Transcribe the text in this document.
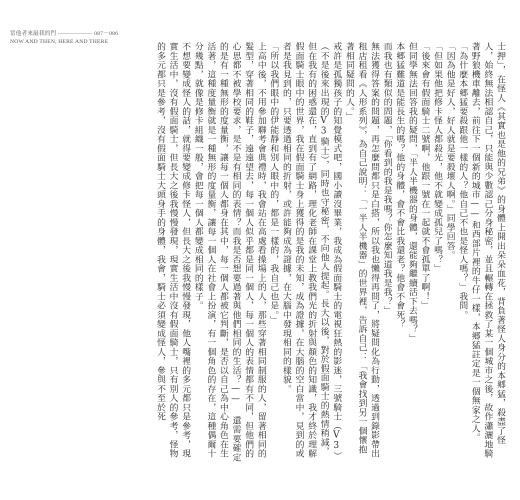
當他者來敲我的門 ―――――― 087－086
NOW AND THEN, HERE AND THERE	士押」，在怪人《其實也是他的兄弟》的身體上開出朵朵血花，背負著怪人身分的本郷猛，殺盡了怪人，始終無法相認自己，只能與少數認己分身秘密，並且輾轉在拯救了某一個城市之後，故作瀟灑地騎著野狼機車離去，前往下一個新的城市——和西部片裡的牛仔一樣，本郷猛註定是一個無家之人。

「為什麼本郷猛要殺跟他一樣的人？他自己不也是怪人嗎？」我問。

「因為他是好人，好人就是要殺壞人啊。」同學回答。

「但如果他把修卡怪人都殺光，他不就變成孤兒了嗎？」

「後來會有假面騎士二號啊，他跟一號在一起就不會孤單了啊！」

但同學無法回答我的疑問，「半人半機器的身體，還能夠繼續活下去嗎？」

本郷猛難道是能長生的嗎？他的身體，會不會比我還老？他會不會死？

而我也有類似的問題，「你看到的我是我嗎？你怎麼知道我是我？」

無法獲得答案的問題，再怎麼問都只是白搭，所以我也懶得再問了，將疑問化為行動，透過到錄影帶出租店租看《人形系列》，為自己說明：「一半人半機器」的世界裡，告訴自己：「我會找到另一個懷抱著相同疑問的人。」

戒許是孤獨孩子的知覺模式吧，國小讀沒畢業，我成為假面騎士的電視狂熱的影迷，三號騎士（V3）（不是後來出現的V3騎士），同時也守秘密，不向他人提起。長大以後，對於假面騎士的熱情稍減，但在我有的困惑還在，直到有了網路，理化老師在課堂上教我們光的折射與顏色的知識，我才終於理解假面騎士眼中的世界，我在假面騎士身上獲得的是我的未知，成為證據，在大腦的空白當中，見到的或者是我見到的，只要透過相同的折射，或許能夠成為證據，在大腦中發現相同的樣貌。

「所以我們眼中的伊能靜和別人眼中的，都是一樣的，我自己也是。」

上高中後，不用參加聯考會典禮時，我會站在高處看操場上的人，那些穿著相同制服的人，留著相同的髮型，穿著相同的鞋子，遠遠望去，每一個人似乎都是同一個人，每一個人的表情都有不同，但他們的心思都不被學校要求，是不是有相同的表情？而我是否想要過著與他們相同的生活？—— 還需要確定的是有一種無形的度量衡，讓每一個人都身在其中，每一個人都被它判斷，是否以自己為中心角色在生活著，這種度量衡就是一種無形的度量衡，讓每一個人在社會上扮演，有一個角色的存在，這種偶爾十分幾點，就像是修卡組織一般，會把每一個人都變成相同的樣子。

不想要變成怪人的話，就得要變成修卡怪人，但長大之後我慢慢發現，他人嘴裡的多元都只是參考，現實生活中，沒有假面騎士，但長大之後我慢慢發現，現實生活中沒有假面騎士，只有別人的參考，怪物的多元都只是參考，沒有假面騎士大頭身手的身體，我會，騎士必須變成怪人，參與不至於死
